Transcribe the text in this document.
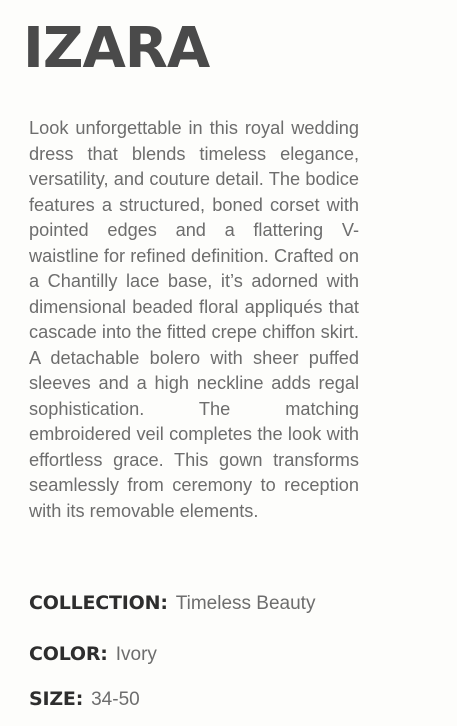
IZARA

Look unforgettable in this royal wedding dress that blends timeless elegance, versatility, and couture detail. The bodice features a structured, boned corset with pointed edges and a flattering V-waistline for refined definition. Crafted on a Chantilly lace base, it’s adorned with dimensional beaded floral appliqués that cascade into the fitted crepe chiffon skirt. A detachable bolero with sheer puffed sleeves and a high neckline adds regal sophistication. The matching embroidered veil completes the look with effortless grace. This gown transforms seamlessly from ceremony to reception with its removable elements.

COLLECTION: Timeless Beauty

COLOR: Ivory

SIZE: 34-50
